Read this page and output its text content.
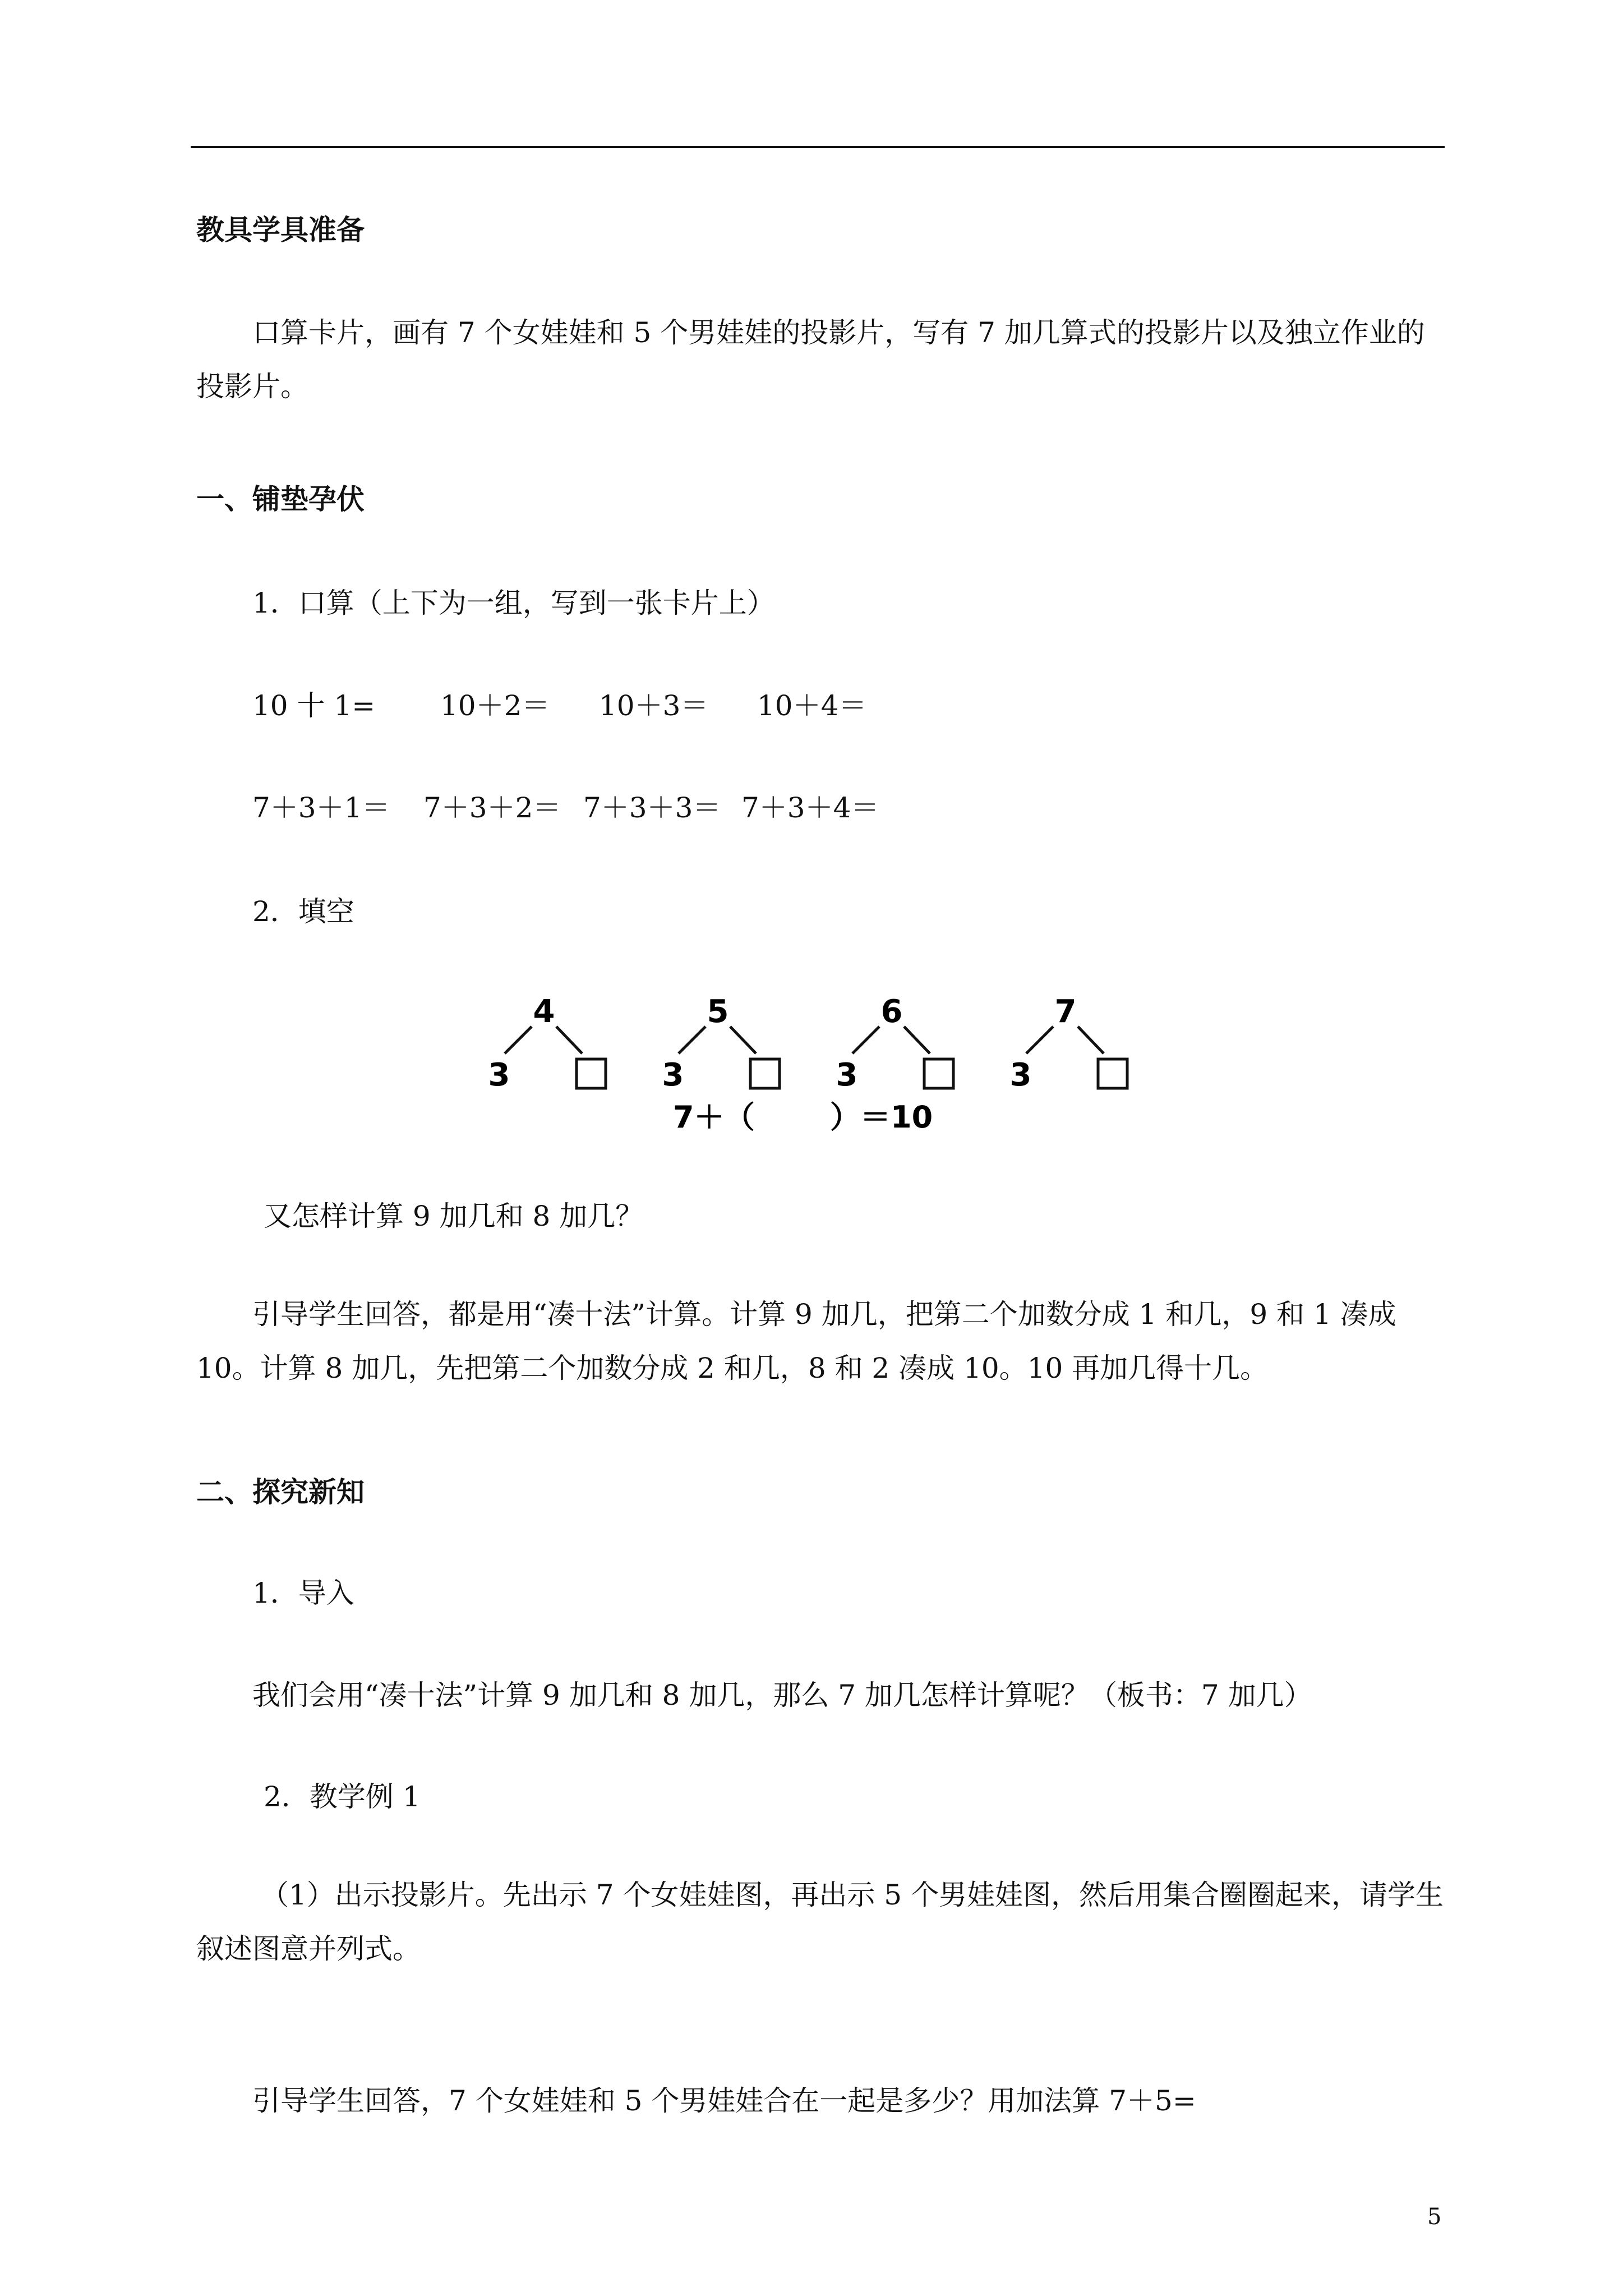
教具学具准备
口算卡片，画有 7 个女娃娃和 5 个男娃娃的投影片，写有 7 加几算式的投影片以及独立作业的投影片。
一、铺垫孕伏
1．口算（上下为一组，写到一张卡片上）
10 十 1= 10＋2＝ 10＋3＝ 10＋4＝
7＋3＋1＝ 7＋3＋2＝ 7＋3＋3＝ 7＋3＋4＝
2．填空
4
3
5
3
6
3
7
3
7＋（ ）＝10
又怎样计算 9 加几和 8 加几？
引导学生回答，都是用“凑十法”计算。计算 9 加几，把第二个加数分成 1 和几，9 和 1 凑成 10。计算 8 加几，先把第二个加数分成 2 和几，8 和 2 凑成 10。10 再加几得十几。
二、探究新知
1．导入
我们会用“凑十法”计算 9 加几和 8 加几，那么 7 加几怎样计算呢？（板书：7 加几）
2．教学例 1
（1）出示投影片。先出示 7 个女娃娃图，再出示 5 个男娃娃图，然后用集合圈圈起来，请学生叙述图意并列式。
引导学生回答，7 个女娃娃和 5 个男娃娃合在一起是多少？用加法算 7＋5=
5
